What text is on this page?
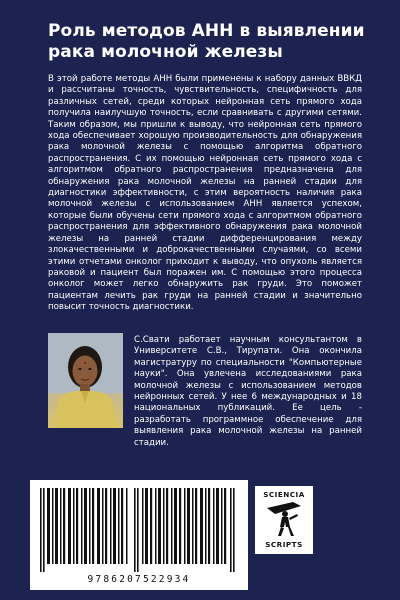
Роль методов АНН в выявлении рака молочной железы

В этой работе методы АНН были применены к набору данных ВВКД и рассчитаны точность, чувствительность, специфичность для различных сетей, среди которых нейронная сеть прямого хода получила наилучшую точность, если сравнивать с другими сетями. Таким образом, мы пришли к выводу, что нейронная сеть прямого хода обеспечивает хорошую производительность для обнаружения рака молочной железы с помощью алгоритма обратного распространения. С их помощью нейронная сеть прямого хода с алгоритмом обратного распространения предназначена для обнаружения рака молочной железы на ранней стадии для диагностики эффективности, с этим вероятность наличия рака молочной железы с использованием АНН является успехом, которые были обучены сети прямого хода с алгоритмом обратного распространения для эффективного обнаружения рака молочной железы на ранней стадии дифференцирования между злокачественными и доброкачественными случаями, со всеми этими отчетами онколог приходит к выводу, что опухоль является раковой и пациент был поражен им. С помощью этого процесса онколог может легко обнаружить рак груди. Это поможет пациентам лечить рак груди на ранней стадии и значительно повысит точность диагностики.

С.Свати работает научным консультантом в Университете С.В., Тирупати. Она окончила магистратуру по специальности "Компьютерные науки". Она увлечена исследованиями рака молочной железы с использованием методов нейронных сетей. У нее 6 международных и 18 национальных публикаций. Ее цель - разработать программное обеспечение для выявления рака молочной железы на ранней стадии.

9786207522934
SCIENCIA
SCRIPTS
